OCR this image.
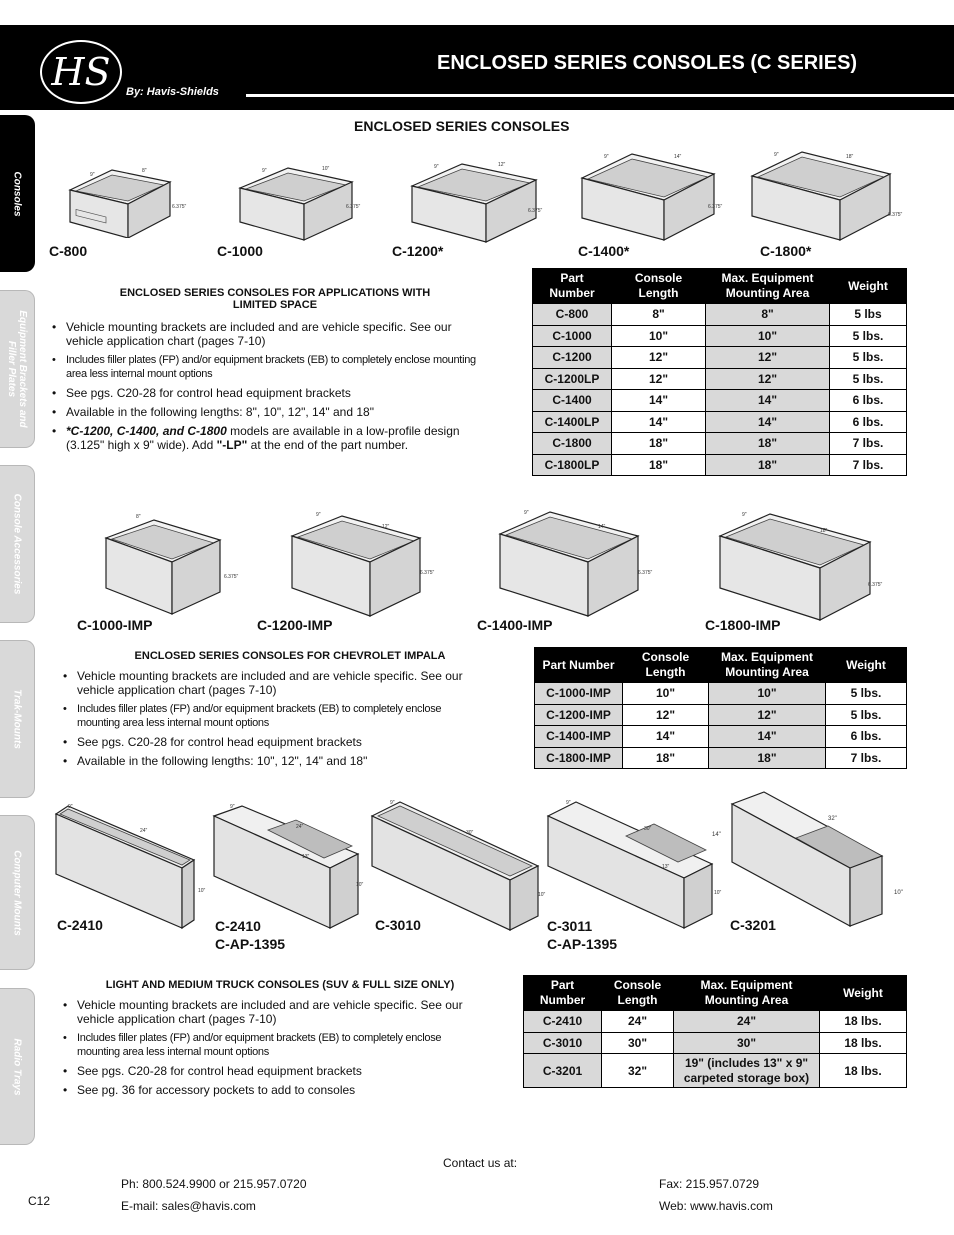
HS	By: Havis-Shields
ENCLOSED SERIES CONSOLES (C SERIES)
Consoles
Equipment Brackets and Filler Plates
Console Accessories
Trak-Mounts
Computer Mounts
Radio Trays
ENCLOSED SERIES CONSOLES
6.375"
9"
8"
6.375"
9"	10"
6.375"
9"	12"
6.375"
9"	14"
6.375"
9"	18"
C-800	C-1000	C-1200*	C-1400*	C-1800*
ENCLOSED SERIES CONSOLES FOR APPLICATIONS WITH LIMITED SPACE
• Vehicle mounting brackets are included and are vehicle specific. See our vehicle application chart (pages 7-10)
• Includes filler plates (FP) and/or equipment brackets (EB) to completely enclose mounting area less internal mount options
• See pgs. C20-28 for control head equipment brackets
• Available in the following lengths: 8", 10", 12", 14" and 18"
• *C-1200, C-1400, and C-1800 models are available in a low-profile design (3.125" high x 9" wide). Add "-LP" at the end of the part number.
Part Number	Console Length	Max. Equipment Mounting Area	Weight
C-800	8"	8"	5 lbs
C-1000	10"	10"	5 lbs.
C-1200	12"	12"	5 lbs.
C-1200LP	12"	12"	5 lbs.
C-1400	14"	14"	6 lbs.
C-1400LP	14"	14"	6 lbs.
C-1800	18"	18"	7 lbs.
C-1800LP	18"	18"	7 lbs.
6.375"
8"
6.375"
9"
12"
6.375"
9"
14"
6.375"
9"
18"
C-1000-IMP	C-1200-IMP	C-1400-IMP	C-1800-IMP
ENCLOSED SERIES CONSOLES FOR CHEVROLET IMPALA
• Vehicle mounting brackets are included and are vehicle specific. See our vehicle application chart (pages 7-10)
• Includes filler plates (FP) and/or equipment brackets (EB) to completely enclose mounting area less internal mount options
• See pgs. C20-28 for control head equipment brackets
• Available in the following lengths: 10", 12", 14" and 18"
Part Number	Console Length	Max. Equipment Mounting Area	Weight
C-1000-IMP	10"	10"	5 lbs.
C-1200-IMP	12"	12"	5 lbs.
C-1400-IMP	14"	14"	6 lbs.
C-1800-IMP	18"	18"	7 lbs.
10"
24"
9"
10"
24"
13"
9"
10"
30"
9"
10"
30"
13"
9"
10"
32"
14"
C-2410	C-2410
C-AP-1395
C-3010	C-3011
C-AP-1395
C-3201
LIGHT AND MEDIUM TRUCK CONSOLES (SUV & FULL SIZE ONLY)
• Vehicle mounting brackets are included and are vehicle specific. See our vehicle application chart (pages 7-10)
• Includes filler plates (FP) and/or equipment brackets (EB) to completely enclose mounting area less internal mount options
• See pgs. C20-28 for control head equipment brackets
• See pg. 36 for accessory pockets to add to consoles
Part Number	Console Length	Max. Equipment Mounting Area	Weight
C-2410	24"	24"	18 lbs.
C-3010	30"	30"	18 lbs.
C-3201	32"	19" (includes 13" x 9" carpeted storage box)	18 lbs.
Contact us at:
Ph: 800.524.9900 or 215.957.0720
E-mail: sales@havis.com
Fax: 215.957.0729
Web: www.havis.com
C12
